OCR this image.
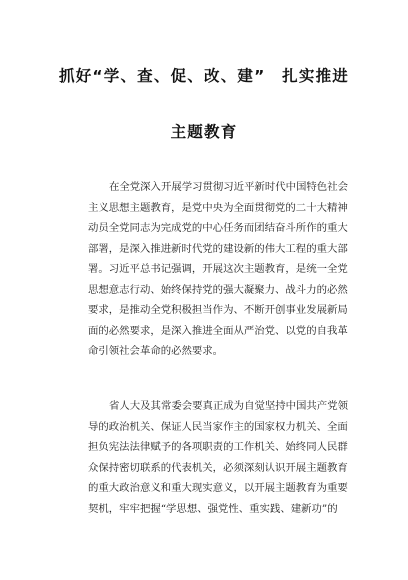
抓好“学、查、促、改、建”　扎实推进
主题教育

在全党深入开展学习贯彻习近平新时代中国特色社会
主义思想主题教育，是党中央为全面贯彻党的二十大精神
动员全党同志为完成党的中心任务而团结奋斗所作的重大
部署，是深入推进新时代党的建设新的伟大工程的重大部
署。习近平总书记强调，开展这次主题教育，是统一全党
思想意志行动、始终保持党的强大凝聚力、战斗力的必然
要求，是推动全党积极担当作为、不断开创事业发展新局
面的必然要求，是深入推进全面从严治党、以党的自我革
命引领社会革命的必然要求。

省人大及其常委会要真正成为自觉坚持中国共产党领
导的政治机关、保证人民当家作主的国家权力机关、全面
担负宪法法律赋予的各项职责的工作机关、始终同人民群
众保持密切联系的代表机关，必须深刻认识开展主题教育
的重大政治意义和重大现实意义，以开展主题教育为重要
契机，牢牢把握“学思想、强党性、重实践、建新功”的
